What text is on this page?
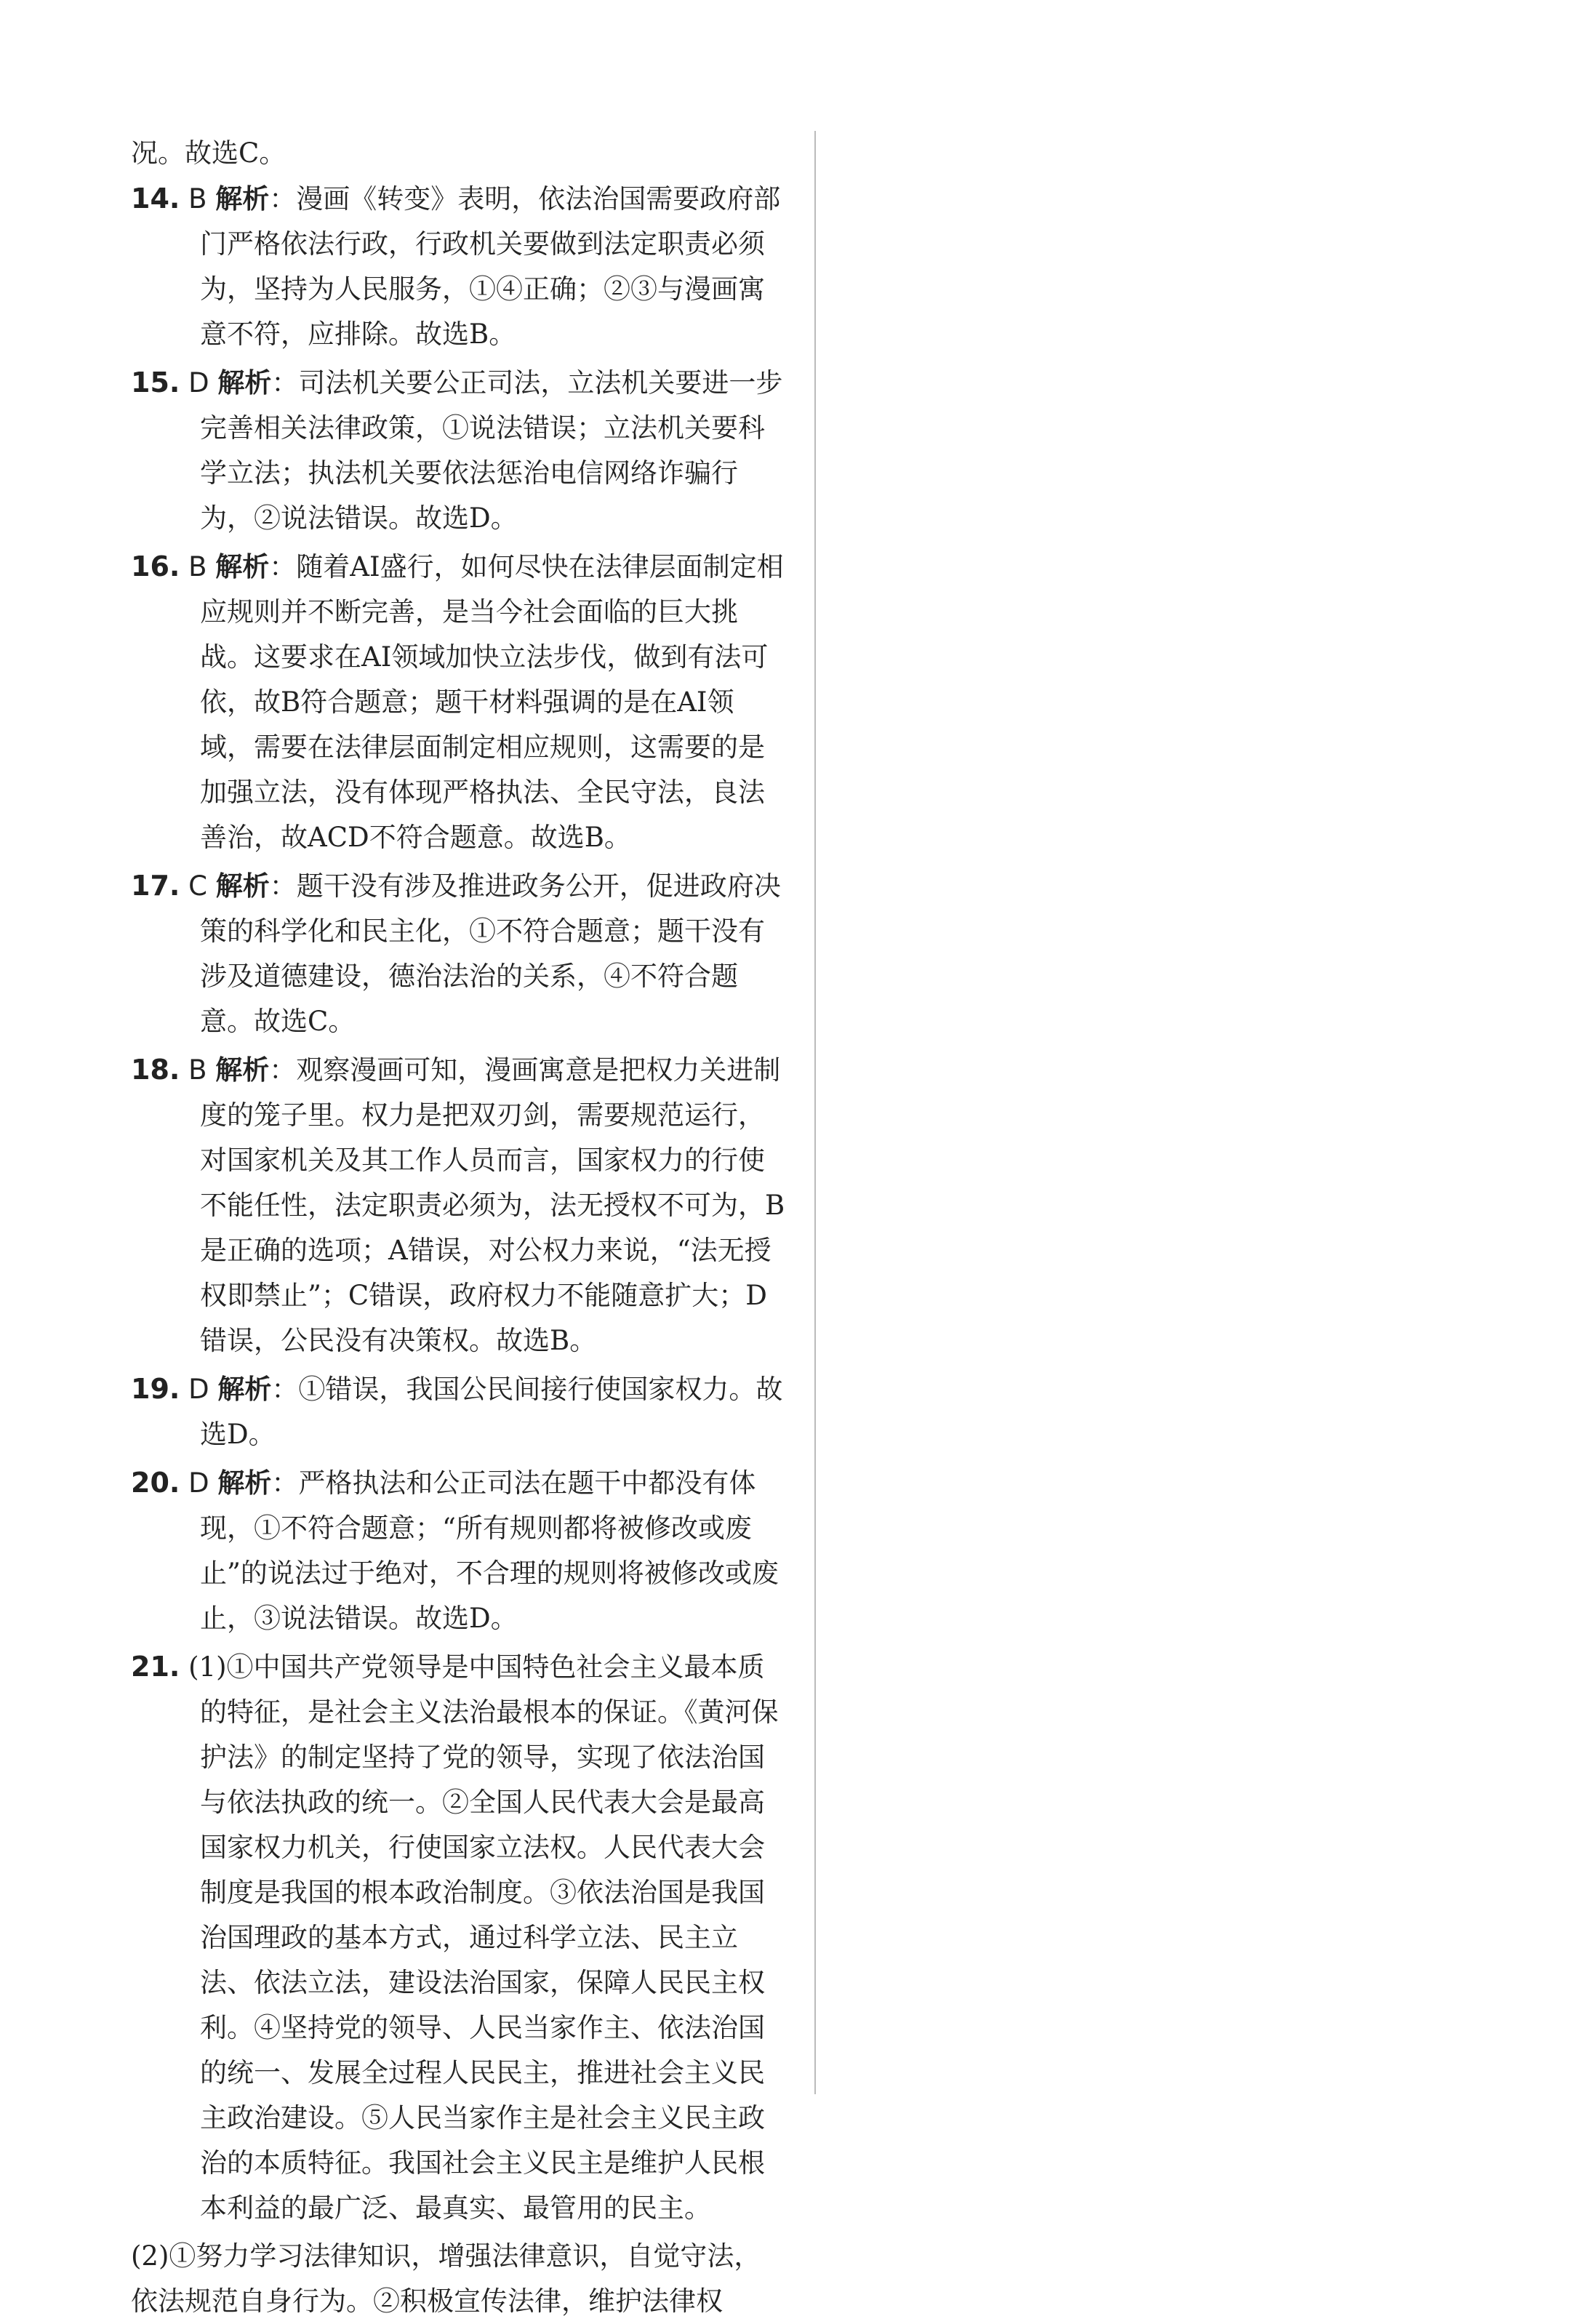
况。故选C。

14. B 解析：漫画《转变》表明，依法治国需要政府部门严格依法行政，行政机关要做到法定职责必须为，坚持为人民服务，①④正确；②③与漫画寓意不符，应排除。故选B。

15. D 解析：司法机关要公正司法，立法机关要进一步完善相关法律政策，①说法错误；立法机关要科学立法；执法机关要依法惩治电信网络诈骗行为，②说法错误。故选D。

16. B 解析：随着AI盛行，如何尽快在法律层面制定相应规则并不断完善，是当今社会面临的巨大挑战。这要求在AI领域加快立法步伐，做到有法可依，故B符合题意；题干材料强调的是在AI领域，需要在法律层面制定相应规则，这需要的是加强立法，没有体现严格执法、全民守法，良法善治，故ACD不符合题意。故选B。

17. C 解析：题干没有涉及推进政务公开，促进政府决策的科学化和民主化，①不符合题意；题干没有涉及道德建设，德治法治的关系，④不符合题意。故选C。

18. B 解析：观察漫画可知，漫画寓意是把权力关进制度的笼子里。权力是把双刃剑，需要规范运行，对国家机关及其工作人员而言，国家权力的行使不能任性，法定职责必须为，法无授权不可为，B是正确的选项；A错误，对公权力来说，“法无授权即禁止”；C错误，政府权力不能随意扩大；D错误，公民没有决策权。故选B。

19. D 解析：①错误，我国公民间接行使国家权力。故选D。

20. D 解析：严格执法和公正司法在题干中都没有体现，①不符合题意；“所有规则都将被修改或废止”的说法过于绝对，不合理的规则将被修改或废止，③说法错误。故选D。

21. (1)①中国共产党领导是中国特色社会主义最本质的特征，是社会主义法治最根本的保证。《黄河保护法》的制定坚持了党的领导，实现了依法治国与依法执政的统一。②全国人民代表大会是最高国家权力机关，行使国家立法权。人民代表大会制度是我国的根本政治制度。③依法治国是我国治国理政的基本方式，通过科学立法、民主立法、依法立法，建设法治国家，保障人民民主权利。④坚持党的领导、人民当家作主、依法治国的统一、发展全过程人民民主，推进社会主义民主政治建设。⑤人民当家作主是社会主义民主政治的本质特征。我国社会主义民主是维护人民根本利益的最广泛、最真实、最管用的民主。

(2)①努力学习法律知识，增强法律意识，自觉守法，依法规范自身行为。②积极宣传法律，维护法律权
